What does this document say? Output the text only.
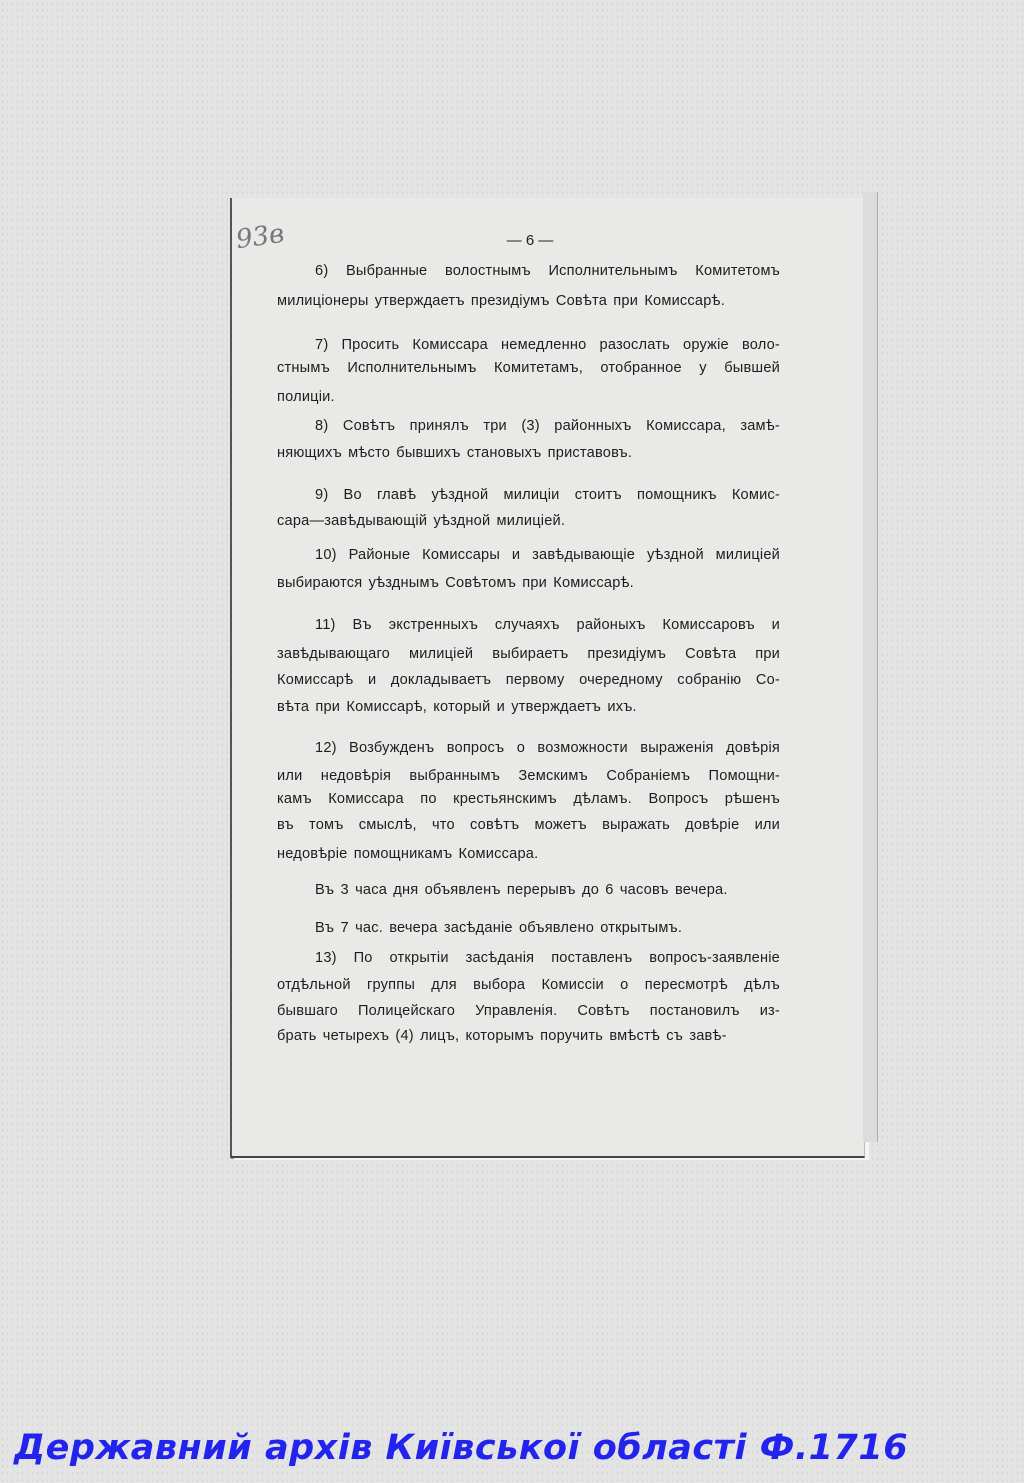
93в	— 6 —
6) Выбранные волостнымъ Исполнительнымъ Комитетомъ
милиціонеры утверждаетъ президіумъ Совѣта при Комиссарѣ.
7) Просить Комиссара немедленно разослать оружіе воло-
стнымъ Исполнительнымъ Комитетамъ, отобранное у бывшей
полиціи.
8) Совѣтъ принялъ три (3) районныхъ Комиссара, замѣ-
няющихъ мѣсто бывшихъ становыхъ приставовъ.
9) Во главѣ уѣздной милиціи стоитъ помощникъ Комис-
сара—завѣдывающій уѣздной милиціей.
10) Районые Комиссары и завѣдывающіе уѣздной милиціей
выбираются уѣзднымъ Совѣтомъ при Комиссарѣ.
11) Въ экстренныхъ случаяхъ районыхъ Комиссаровъ и
завѣдывающаго милиціей выбираетъ президіумъ Совѣта при
Комиссарѣ и докладываетъ первому очередному собранію Со-
вѣта при Комиссарѣ, который и утверждаетъ ихъ.
12) Возбужденъ вопросъ о возможности выраженія довѣрія
или недовѣрія выбраннымъ Земскимъ Собраніемъ Помощни-
камъ Комиссара по крестьянскимъ дѣламъ. Вопросъ рѣшенъ
въ томъ смыслѣ, что совѣтъ можетъ выражать довѣріе или
недовѣріе помощникамъ Комиссара.
Въ 3 часа дня объявленъ перерывъ до 6 часовъ вечера.
Въ 7 час. вечера засѣданіе объявлено открытымъ.
13) По открытіи засѣданія поставленъ вопросъ-заявленіе
отдѣльной группы для выбора Комиссіи о пересмотрѣ дѣлъ
бывшаго Полицейскаго Управленія. Совѣтъ постановилъ из-
брать четырехъ (4) лицъ, которымъ поручить вмѣстѣ съ завѣ-
Державний архів Київської області Ф.1716
